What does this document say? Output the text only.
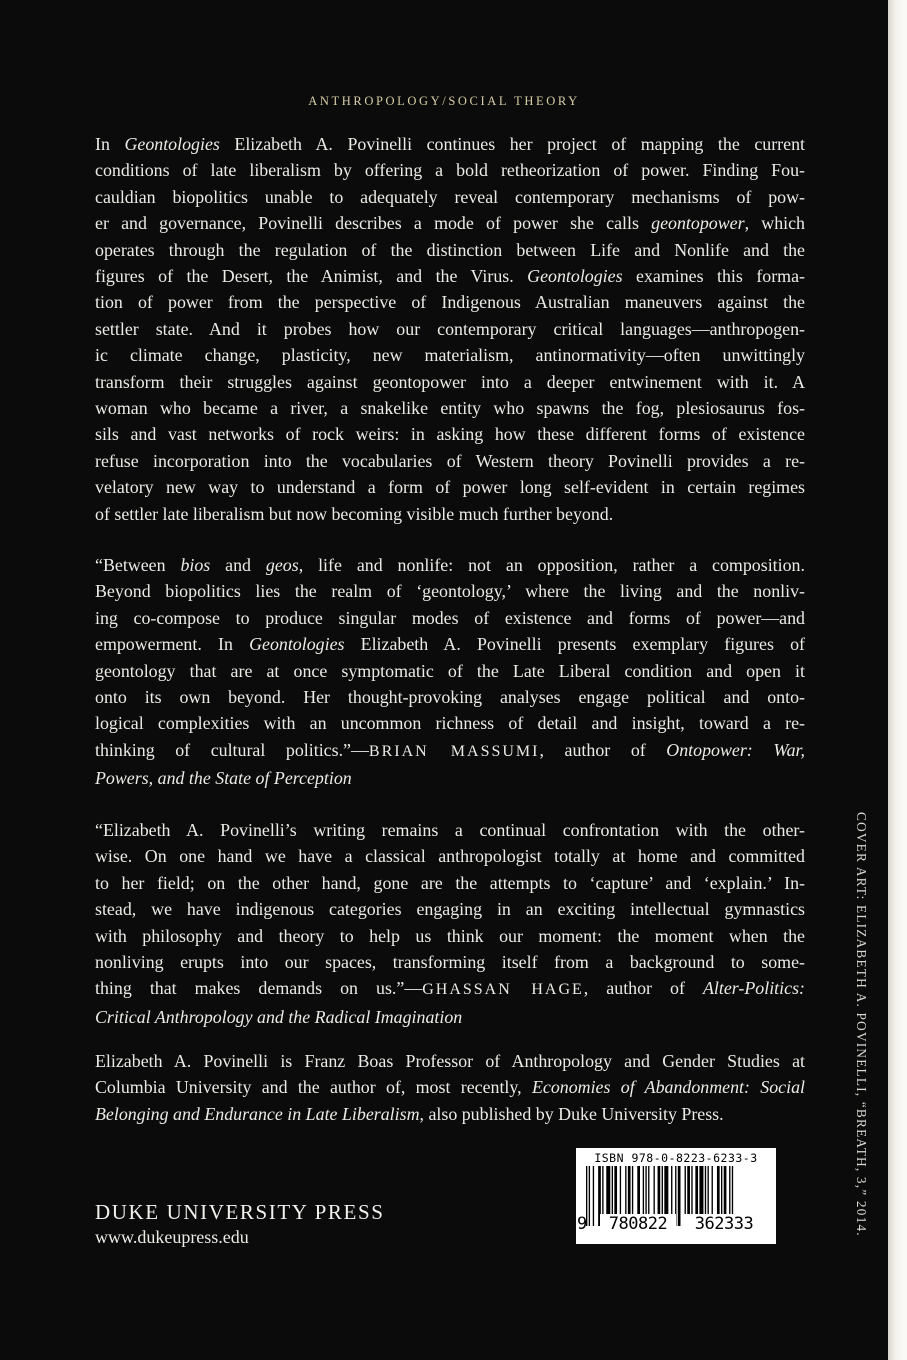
ANTHROPOLOGY/SOCIAL THEORY
In Geontologies Elizabeth A. Povinelli continues her project of mapping the current
conditions of late liberalism by offering a bold retheorization of power. Finding Fou-
cauldian biopolitics unable to adequately reveal contemporary mechanisms of pow-
er and governance, Povinelli describes a mode of power she calls geontopower, which
operates through the regulation of the distinction between Life and Nonlife and the
figures of the Desert, the Animist, and the Virus. Geontologies examines this forma-
tion of power from the perspective of Indigenous Australian maneuvers against the
settler state. And it probes how our contemporary critical languages—anthropogen-
ic climate change, plasticity, new materialism, antinormativity—often unwittingly
transform their struggles against geontopower into a deeper entwinement with it. A
woman who became a river, a snakelike entity who spawns the fog, plesiosaurus fos-
sils and vast networks of rock weirs: in asking how these different forms of existence
refuse incorporation into the vocabularies of Western theory Povinelli provides a re-
velatory new way to understand a form of power long self-evident in certain regimes
of settler late liberalism but now becoming visible much further beyond.
“Between bios and geos, life and nonlife: not an opposition, rather a composition.
Beyond biopolitics lies the realm of ‘geontology,’ where the living and the nonliv-
ing co-compose to produce singular modes of existence and forms of power—and
empowerment. In Geontologies Elizabeth A. Povinelli presents exemplary figures of
geontology that are at once symptomatic of the Late Liberal condition and open it
onto its own beyond. Her thought-provoking analyses engage political and onto-
logical complexities with an uncommon richness of detail and insight, toward a re-
thinking of cultural politics.”—BRIAN MASSUMI, author of Ontopower: War,
Powers, and the State of Perception
“Elizabeth A. Povinelli’s writing remains a continual confrontation with the other-
wise. On one hand we have a classical anthropologist totally at home and committed
to her field; on the other hand, gone are the attempts to ‘capture’ and ‘explain.’ In-
stead, we have indigenous categories engaging in an exciting intellectual gymnastics
with philosophy and theory to help us think our moment: the moment when the
nonliving erupts into our spaces, transforming itself from a background to some-
thing that makes demands on us.”—GHASSAN HAGE, author of Alter-Politics:
Critical Anthropology and the Radical Imagination
Elizabeth A. Povinelli is Franz Boas Professor of Anthropology and Gender Studies at
Columbia University and the author of, most recently, Economies of Abandonment: Social
Belonging and Endurance in Late Liberalism, also published by Duke University Press.
ISBN 978-0-8223-6233-3
9	780822	362333
DUKE UNIVERSITY PRESS
www.dukeupress.edu
COVER ART: ELIZABETH A. POVINELLI, “BREATH, 3,” 2014.
